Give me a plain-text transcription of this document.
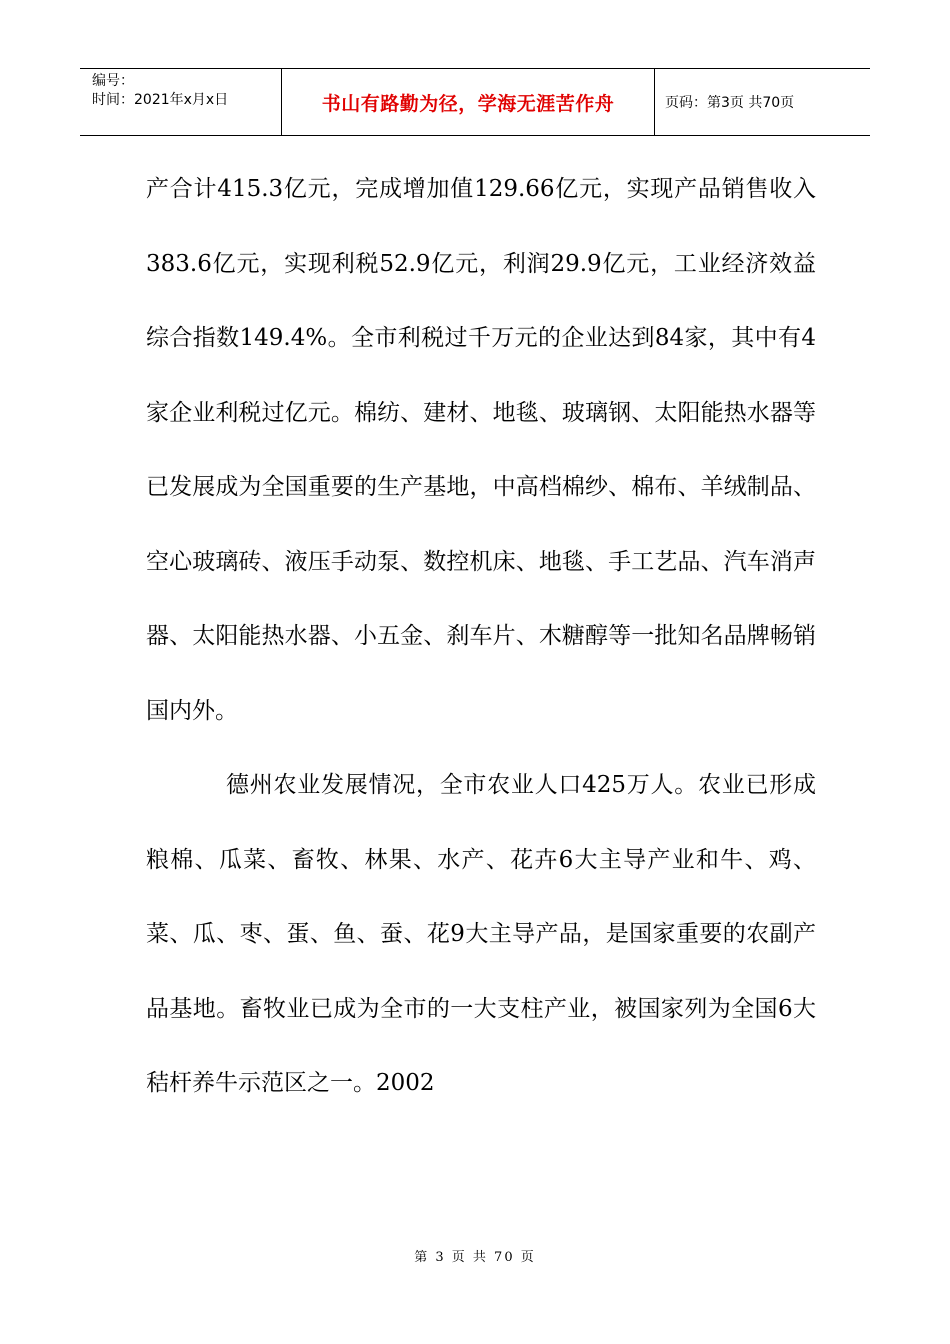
编号：
时间：2021年x月x日	书山有路勤为径，学海无涯苦作舟	页码：第3页 共70页

产合计415.3亿元，完成增加值129.66亿元，实现产品销售收入383.6亿元，实现利税52.9亿元，利润29.9亿元，工业经济效益综合指数149.4%。全市利税过千万元的企业达到84家，其中有4家企业利税过亿元。棉纺、建材、地毯、玻璃钢、太阳能热水器等已发展成为全国重要的生产基地，中高档棉纱、棉布、羊绒制品、空心玻璃砖、液压手动泵、数控机床、地毯、手工艺品、汽车消声器、太阳能热水器、小五金、刹车片、木糖醇等一批知名品牌畅销国内外。

德州农业发展情况，全市农业人口425万人。农业已形成粮棉、瓜菜、畜牧、林果、水产、花卉6大主导产业和牛、鸡、菜、瓜、枣、蛋、鱼、蚕、花9大主导产品，是国家重要的农副产品基地。畜牧业已成为全市的一大支柱产业，被国家列为全国6大秸杆养牛示范区之一。2002

第 3 页 共 70 页
